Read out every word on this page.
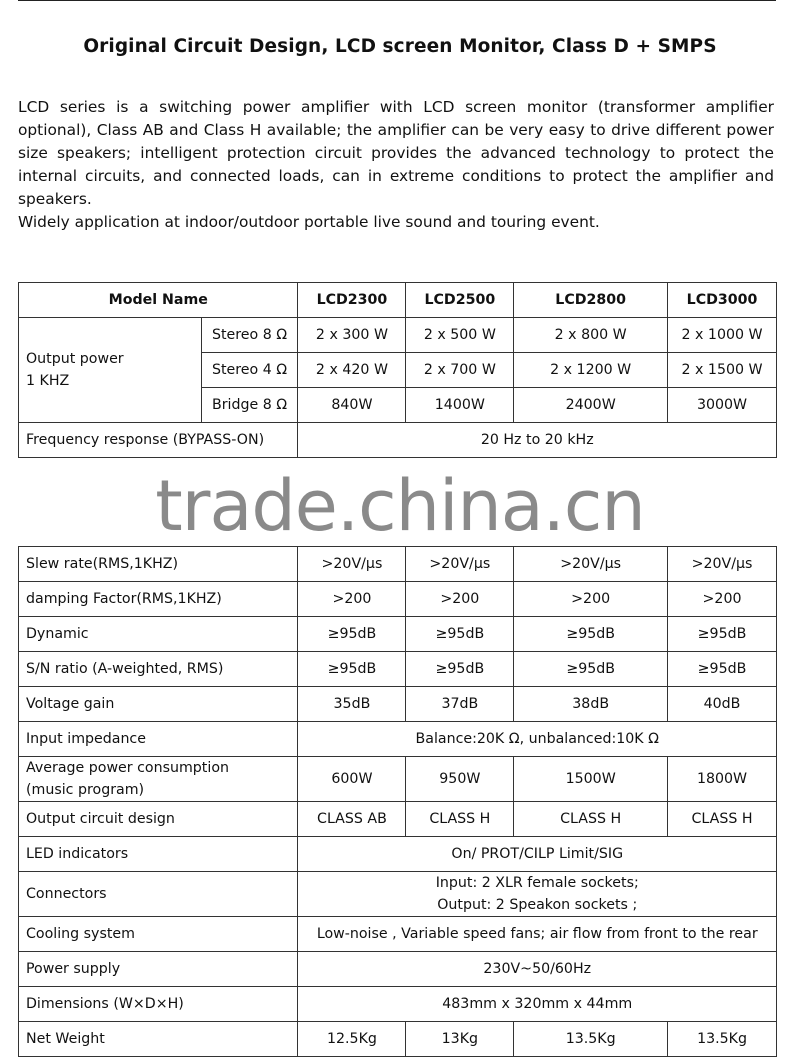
Original Circuit Design, LCD screen Monitor, Class D + SMPS

LCD series is a switching power amplifier with LCD screen monitor (transformer amplifier optional), Class AB and Class H available; the amplifier can be very easy to drive different power size speakers; intelligent protection circuit provides the advanced technology to protect the internal circuits, and connected loads, can in extreme conditions to protect the amplifier and speakers.

Widely application at indoor/outdoor portable live sound and touring event.

Model Name		LCD2300	LCD2500	LCD2800	LCD3000

Output power
1 KHZ	Stereo 8 Ω	2 x 300 W	2 x 500 W	2 x 800 W	2 x 1000 W
	Stereo 4 Ω	2 x 420 W	2 x 700 W	2 x 1200 W	2 x 1500 W
	Bridge 8 Ω	840W	1400W	2400W	3000W
Frequency response (BYPASS-ON)		20 Hz to 20 kHz			

Slew rate(RMS,1KHZ)		>20V/μs	>20V/μs	>20V/μs	>20V/μs
damping Factor(RMS,1KHZ)		>200	>200	>200	>200
Dynamic		≥95dB	≥95dB	≥95dB	≥95dB
S/N ratio (A-weighted, RMS)		≥95dB	≥95dB	≥95dB	≥95dB
Voltage gain		35dB	37dB	38dB	40dB
Input impedance		Balance:20K Ω, unbalanced:10K Ω			

Average power consumption
(music program)		600W	950W	1500W	1800W
Output circuit design		CLASS AB	CLASS H	CLASS H	CLASS H
LED indicators		On/ PROT/CILP Limit/SIG			
Connectors		Input: 2 XLR female sockets;
Output: 2 Speakon sockets ;			

Cooling system		Low-noise , Variable speed fans; air flow from front to the rear			
Power supply		230V~50/60Hz			
Dimensions (W×D×H)		483mm x 320mm x 44mm			
Net Weight		12.5Kg	13Kg	13.5Kg	13.5Kg
trade.china.cn
